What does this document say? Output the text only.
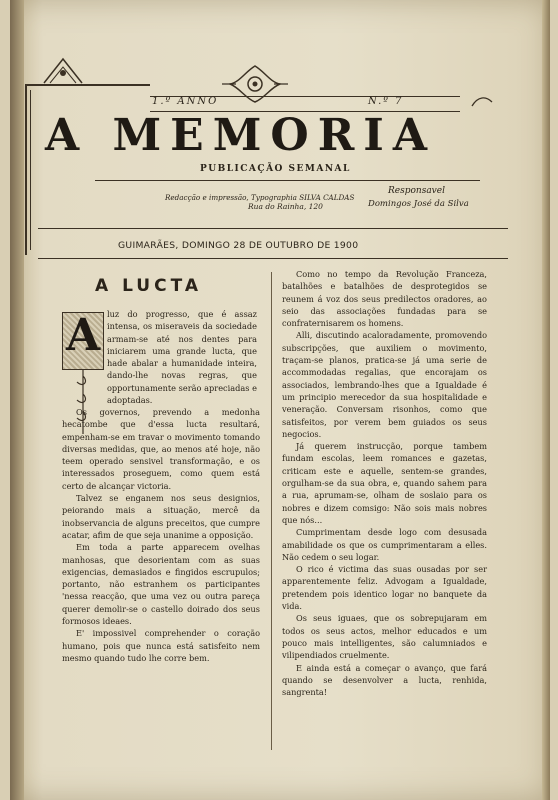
1.º ANNO	N.º 7
A MEMORIA
PUBLICAÇÃO SEMANAL
Redacção e impressão, Typographia SILVA CALDAS
Rua do Rainha, 120
Responsavel
Domingos José da Silva
GUIMARÃES, DOMINGO 28 DE OUTUBRO DE 1900
A LUCTA
A luz do progresso, que é assaz intensa, os miseraveis da sociedade armam-se até nos dentes para iniciarem uma grande lucta, que hade abalar a humanidade inteira, dando-lhe novas regras, que opportunamente serão apreciadas e adoptadas.

Os governos, prevendo a medonha hecatombe que d'essa lucta resultará, empenham-se em travar o movimento tomando diversas medidas, que, ao menos até hoje, não teem operado sensivel transformação, e os interessados proseguem, como quem está certo de alcançar victoria.

Talvez se enganem nos seus designios, peiorando mais a situação, mercê da inobservancia de alguns preceitos, que cumpre acatar, afim de que seja unanime a opposição.

Em toda a parte apparecem ovelhas manhosas, que desorientam com as suas exigencias, demasiados e fingidos escrupulos; portanto, não estranhem os participantes 'nessa reacção, que uma vez ou outra pareça querer demolir-se o castello doirado dos seus formosos ideaes.

E' impossivel comprehender o coração humano, pois que nunca está satisfeito nem mesmo quando tudo lhe corre bem.

Como no tempo da Revolução Franceza, batalhões e batalhões de desprotegidos se reunem á voz dos seus predilectos oradores, ao seio das associações fundadas para se confraternisarem os homens.

Alli, discutindo acaloradamente, promovendo subscripções, que auxiliem o movimento, traçam-se planos, pratica-se já uma serie de accommodadas regalias, que encorajam os associados, lembrando-lhes que a Igualdade é um principio merecedor da sua hospitalidade e veneração. Conversam risonhos, como que satisfeitos, por verem bem guiados os seus negocios.

Já querem instrucção, porque tambem fundam escolas, leem romances e gazetas, criticam este e aquelle, sentem-se grandes, orgulham-se da sua obra, e, quando sahem para a rua, aprumam-se, olham de soslaio para os nobres e dizem comsigo: Não sois mais nobres que nós...

Cumprimentam desde logo com desusada amabilidade os que os cumprimentaram a elles. Não cedem o seu logar.

O rico é victima das suas ousadas por ser apparentemente feliz. Advogam a Igualdade, pretendem pois identico logar no banquete da vida.

Os seus iguaes, que os sobrepujaram em todos os seus actos, melhor educados e um pouco mais intelligentes, são calumniados e vilipendiados cruelmente.

E ainda está a começar o avanço, que fará quando se desenvolver a lucta, renhida, sangrenta!
